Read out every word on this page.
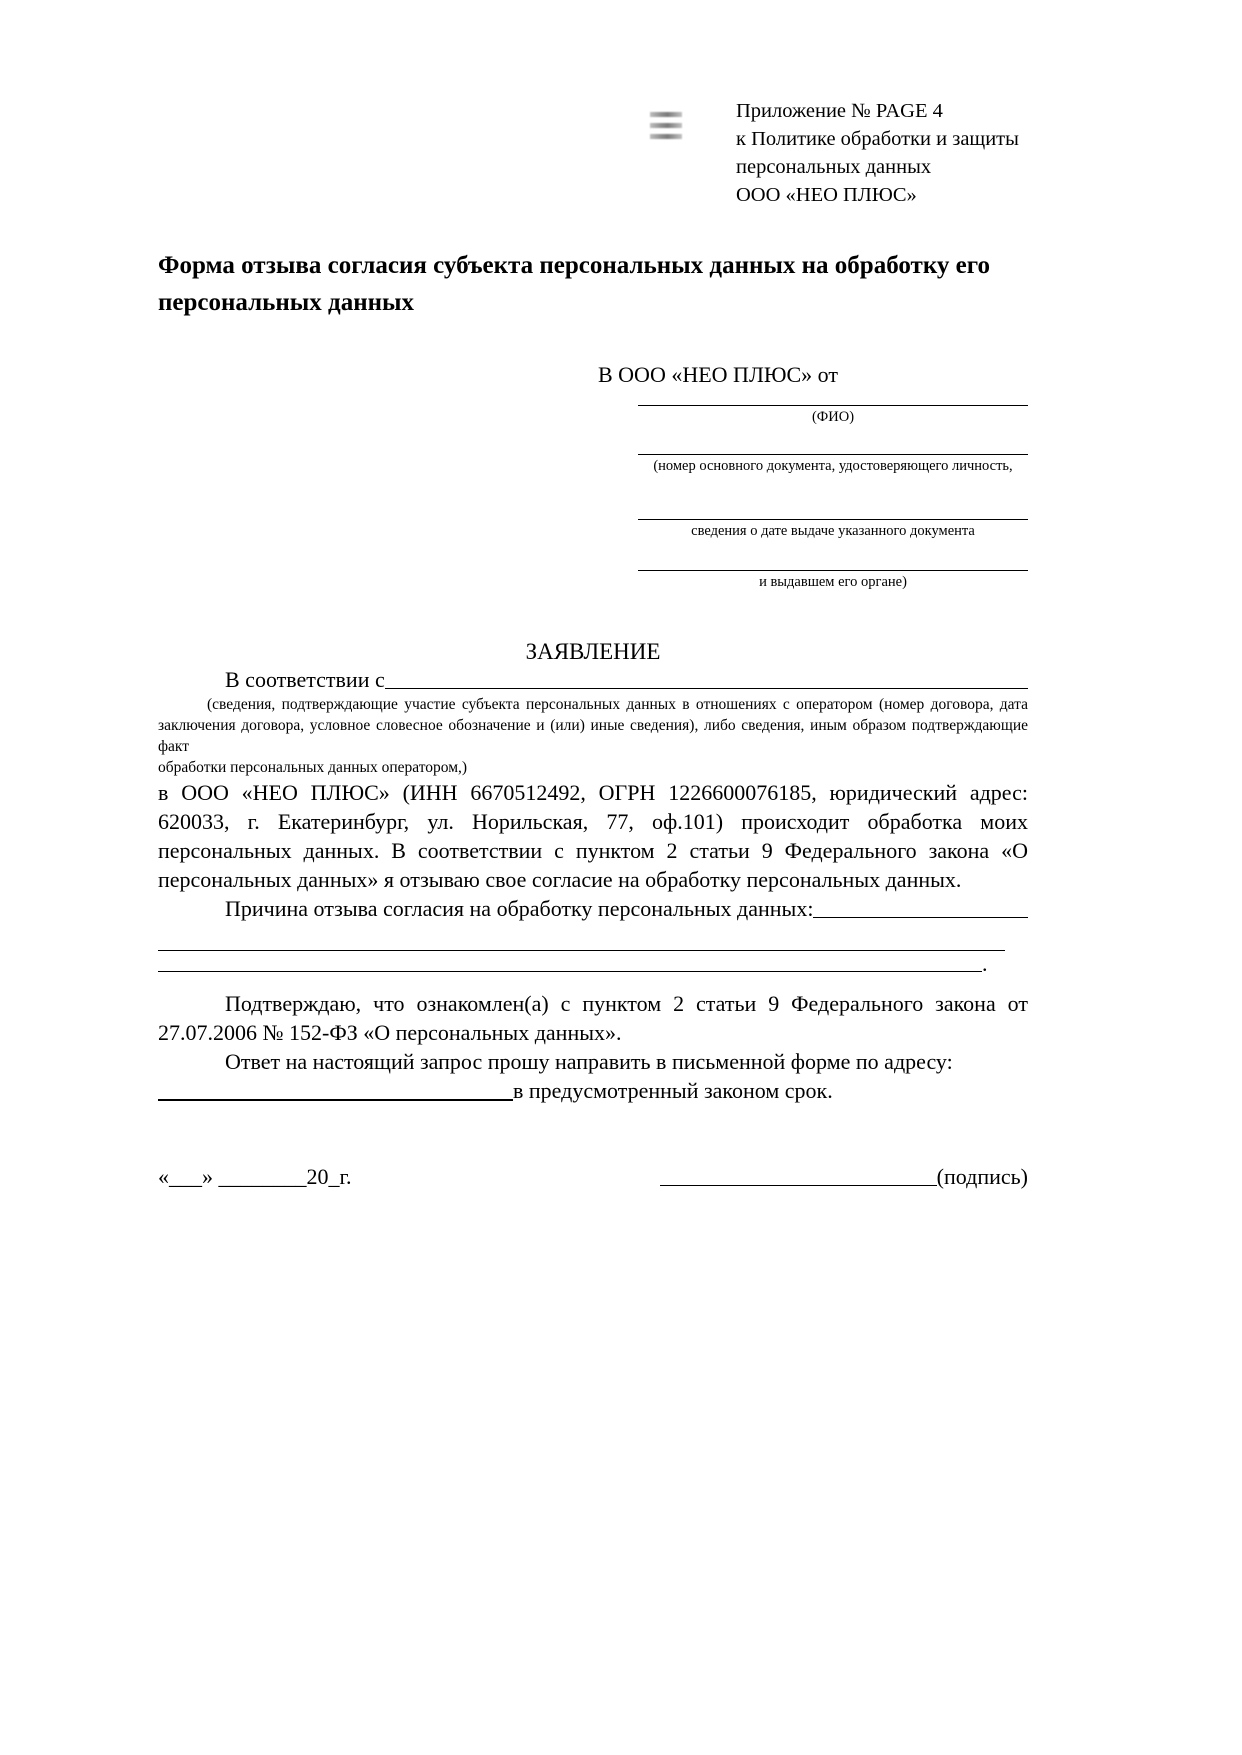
Приложение № PAGE 4
к Политике обработки и защиты
персональных данных
ООО «НЕО ПЛЮС»
Форма отзыва согласия субъекта персональных данных на обработку его персональных данных
В ООО «НЕО ПЛЮС» от
(ФИО)
(номер основного документа, удостоверяющего личность,
сведения о дате выдаче указанного документа
и выдавшем его органе)
ЗАЯВЛЕНИЕ
В соответствии с
(сведения, подтверждающие участие субъекта персональных данных в отношениях с оператором (номер договора, дата
заключения договора, условное словесное обозначение и (или) иные сведения), либо сведения, иным образом подтверждающие факт
обработки персональных данных оператором,)
в ООО «НЕО ПЛЮС» (ИНН 6670512492, ОГРН 1226600076185, юридический адрес:
620033, г. Екатеринбург, ул. Норильская, 77, оф.101) происходит обработка моих
персональных данных. В соответствии с пунктом 2 статьи 9 Федерального закона «О
персональных данных» я отзываю свое согласие на обработку персональных данных.
Причина отзыва согласия на обработку персональных данных:
.
Подтверждаю, что ознакомлен(а) с пунктом 2 статьи 9 Федерального закона от 27.07.2006 № 152-ФЗ «О персональных данных».
Ответ на настоящий запрос прошу направить в письменной форме по адресу:
в предусмотренный законом срок.
«___» ________20_г.	(подпись)
